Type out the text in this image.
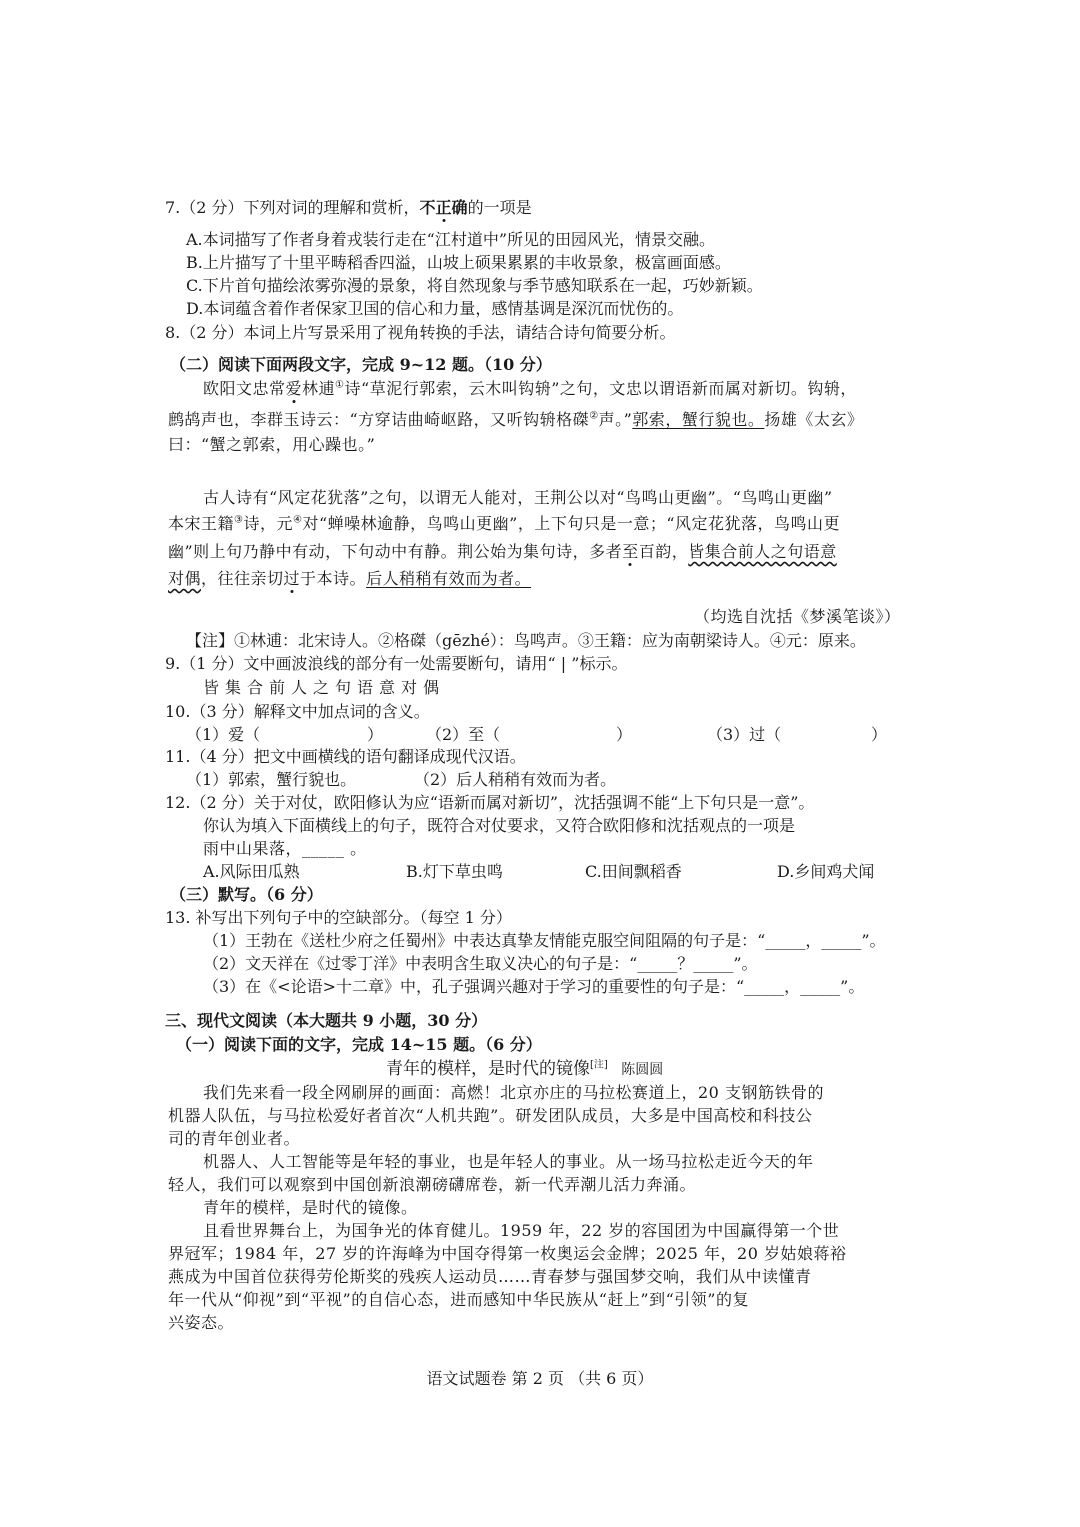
7.（2 分）下列对词的理解和赏析，不正确的一项是
A.本词描写了作者身着戎装行走在“江村道中”所见的田园风光，情景交融。
B.上片描写了十里平畴稻香四溢，山坡上硕果累累的丰收景象，极富画面感。
C.下片首句描绘浓雾弥漫的景象，将自然现象与季节感知联系在一起，巧妙新颖。
D.本词蕴含着作者保家卫国的信心和力量，感情基调是深沉而忧伤的。
8.（2 分）本词上片写景采用了视角转换的手法，请结合诗句简要分析。
（二）阅读下面两段文字，完成 9~12 题。（10 分）
欧阳文忠常爱林逋①诗“草泥行郭索，云木叫钩辀”之句，文忠以谓语新而属对新切。钩辀，
鹧鸪声也，李群玉诗云：“方穿诘曲崎岖路，又听钩辀格磔②声。”郭索，蟹行貌也。扬雄《太玄》
曰：“蟹之郭索，用心躁也。”
古人诗有“风定花犹落”之句，以谓无人能对，王荆公以对“鸟鸣山更幽”。“鸟鸣山更幽”
本宋王籍③诗，元④对“蝉噪林逾静，鸟鸣山更幽”，上下句只是一意；“风定花犹落，鸟鸣山更
幽”则上句乃静中有动，下句动中有静。荆公始为集句诗，多者至百韵，皆集合前人之句语意
对偶，往往亲切过于本诗。后人稍稍有效而为者。
（均选自沈括《梦溪笔谈》）
【注】①林逋：北宋诗人。②格磔（gēzhé）：鸟鸣声。③王籍：应为南朝梁诗人。④元：原来。
9.（1 分）文中画波浪线的部分有一处需要断句，请用“ | ”标示。
皆集合前人之句语意对偶
10.（3 分）解释文中加点词的含义。
（1）爱（	）	（2）至（	）	（3）过（	）
11.（4 分）把文中画横线的语句翻译成现代汉语。
（1）郭索，蟹行貌也。	（2）后人稍稍有效而为者。
12.（2 分）关于对仗，欧阳修认为应“语新而属对新切”，沈括强调不能“上下句只是一意”。
你认为填入下面横线上的句子，既符合对仗要求，又符合欧阳修和沈括观点的一项是
雨中山果落，_____ 。
A.风际田瓜熟	B.灯下草虫鸣	C.田间飘稻香	D.乡间鸡犬闻
（三）默写。（6 分）
13. 补写出下列句子中的空缺部分。（每空 1 分）
（1）王勃在《送杜少府之任蜀州》中表达真挚友情能克服空间阻隔的句子是：“_____，_____”。
（2）文天祥在《过零丁洋》中表明含生取义决心的句子是：“_____？_____”。
（3）在《<论语>十二章》中，孔子强调兴趣对于学习的重要性的句子是：“_____，_____”。
三、现代文阅读（本大题共 9 小题，30 分）
（一）阅读下面的文字，完成 14~15 题。（6 分）
青年的模样，是时代的镜像[注] 陈圆圆
我们先来看一段全网刷屏的画面：高燃！北京亦庄的马拉松赛道上，20 支钢筋铁骨的
机器人队伍，与马拉松爱好者首次“人机共跑”。研发团队成员，大多是中国高校和科技公
司的青年创业者。
机器人、人工智能等是年轻的事业，也是年轻人的事业。从一场马拉松走近今天的年
轻人，我们可以观察到中国创新浪潮磅礴席卷，新一代弄潮儿活力奔涌。
青年的模样，是时代的镜像。
且看世界舞台上，为国争光的体育健儿。1959 年，22 岁的容国团为中国赢得第一个世
界冠军；1984 年，27 岁的许海峰为中国夺得第一枚奥运会金牌；2025 年，20 岁姑娘蒋裕
燕成为中国首位获得劳伦斯奖的残疾人运动员……青春梦与强国梦交响，我们从中读懂青
年一代从“仰视”到“平视”的自信心态，进而感知中华民族从“赶上”到“引领”的复
兴姿态。
语文试题卷 第 2 页 （共 6 页）
